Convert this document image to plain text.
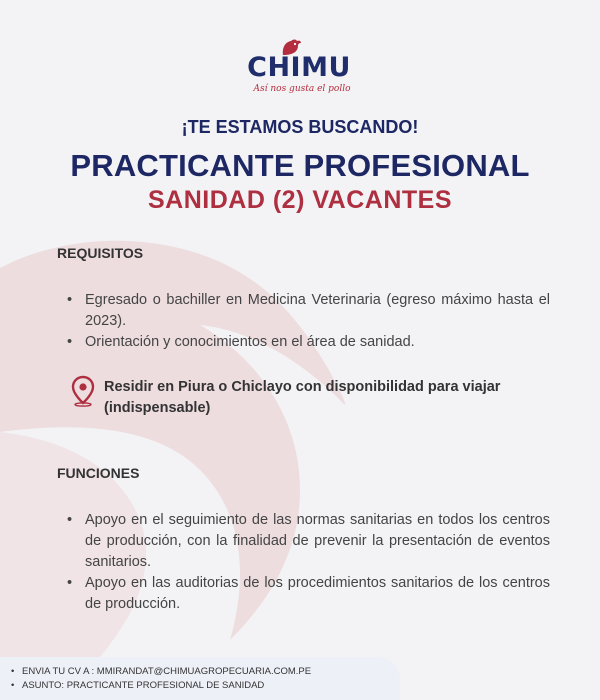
CHIMU
Así nos gusta el pollo
¡TE ESTAMOS BUSCANDO!
PRACTICANTE PROFESIONAL
SANIDAD (2) VACANTES
REQUISITOS
• Egresado o bachiller en Medicina Veterinaria (egreso máximo hasta el 2023).
• Orientación y conocimientos en el área de sanidad.
Residir en Piura o Chiclayo con disponibilidad para viajar (indispensable)
FUNCIONES
• Apoyo en el seguimiento de las normas sanitarias en todos los centros de producción, con la finalidad de prevenir la presentación de eventos sanitarios.
• Apoyo en las auditorias de los procedimientos sanitarios de los centros de producción.
• ENVIA TU CV A : MMIRANDAT@CHIMUAGROPECUARIA.COM.PE
• ASUNTO: PRACTICANTE PROFESIONAL DE SANIDAD
